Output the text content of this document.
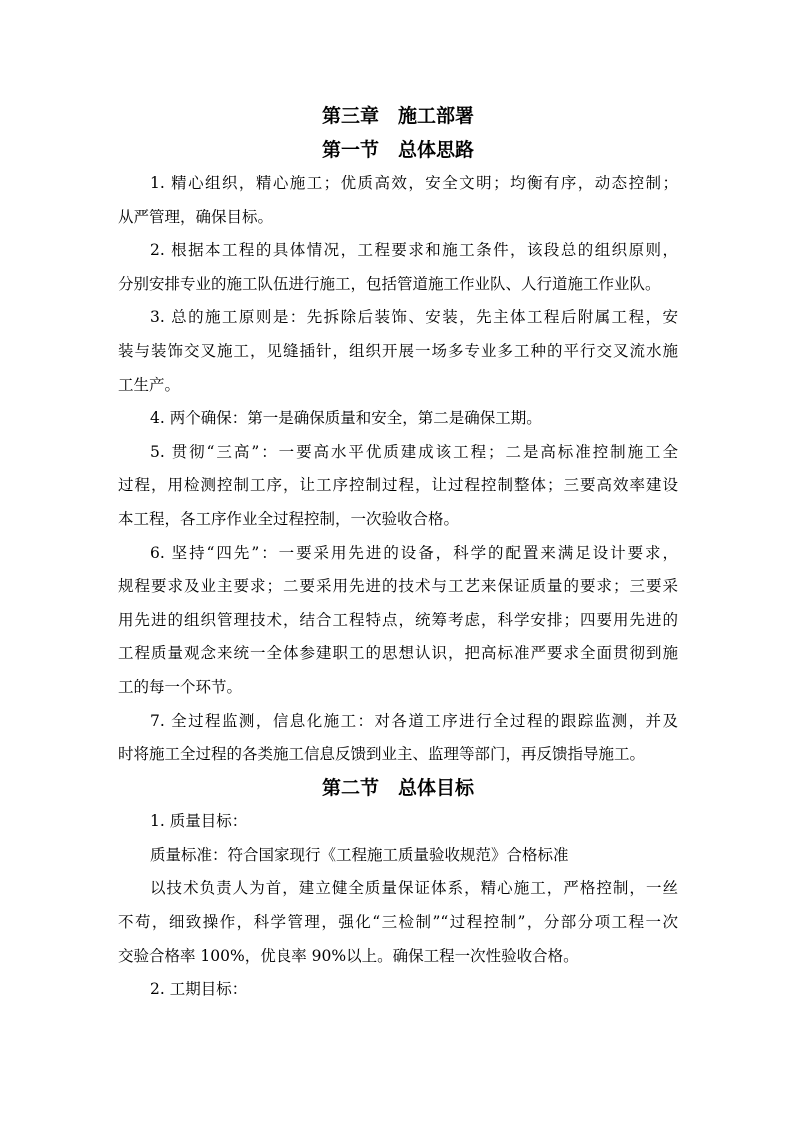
第三章　施工部署
第一节　总体思路
1. 精心组织，精心施工；优质高效，安全文明；均衡有序，动态控制；
从严管理，确保目标。
2. 根据本工程的具体情况，工程要求和施工条件，该段总的组织原则，
分别安排专业的施工队伍进行施工，包括管道施工作业队、人行道施工作业队。
3. 总的施工原则是：先拆除后装饰、安装，先主体工程后附属工程，安
装与装饰交叉施工，见缝插针，组织开展一场多专业多工种的平行交叉流水施
工生产。
4. 两个确保：第一是确保质量和安全，第二是确保工期。
5. 贯彻“三高”：一要高水平优质建成该工程；二是高标准控制施工全
过程，用检测控制工序，让工序控制过程，让过程控制整体；三要高效率建设
本工程，各工序作业全过程控制，一次验收合格。
6. 坚持“四先”：一要采用先进的设备，科学的配置来满足设计要求，
规程要求及业主要求；二要采用先进的技术与工艺来保证质量的要求；三要采
用先进的组织管理技术，结合工程特点，统筹考虑，科学安排；四要用先进的
工程质量观念来统一全体参建职工的思想认识，把高标准严要求全面贯彻到施
工的每一个环节。
7. 全过程监测，信息化施工：对各道工序进行全过程的跟踪监测，并及
时将施工全过程的各类施工信息反馈到业主、监理等部门，再反馈指导施工。
第二节　总体目标
1. 质量目标：
质量标准：符合国家现行《工程施工质量验收规范》合格标准
以技术负责人为首，建立健全质量保证体系，精心施工，严格控制，一丝
不苟，细致操作，科学管理，强化“三检制”“过程控制”，分部分项工程一次
交验合格率 100%，优良率 90%以上。确保工程一次性验收合格。
2. 工期目标：
